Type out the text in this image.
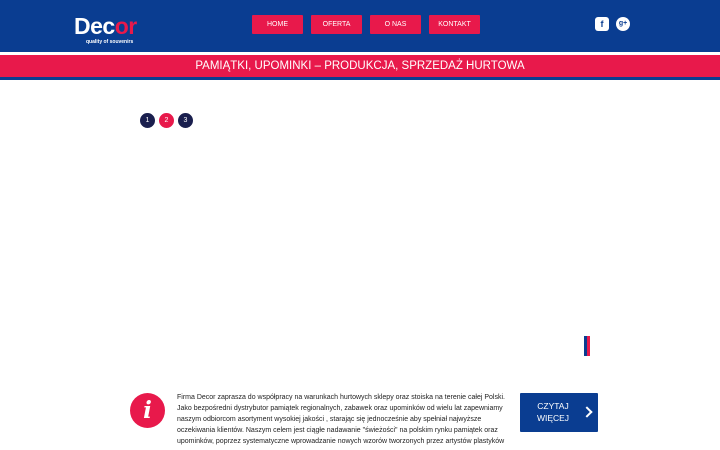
Decor
quality of souvenirs
HOME	OFERTA	O NAS	KONTAKT	f	g+
PAMIĄTKI, UPOMINKI – PRODUKCJA, SPRZEDAŻ HURTOWA
1	2	3
i	Firma Decor zaprasza do współpracy na warunkach hurtowych sklepy oraz stoiska na terenie całej Polski. Jako bezpośredni dystrybutor pamiątek regionalnych, zabawek oraz upominków od wielu lat zapewniamy naszym odbiorcom asortyment wysokiej jakości , starając się jednocześnie aby spełniał najwyższe oczekiwania klientów. Naszym celem jest ciągłe nadawanie "świeżości" na polskim rynku pamiątek oraz upominków, poprzez systematyczne wprowadzanie nowych wzorów tworzonych przez artystów plastyków
CZYTAJ
WIĘCEJ
